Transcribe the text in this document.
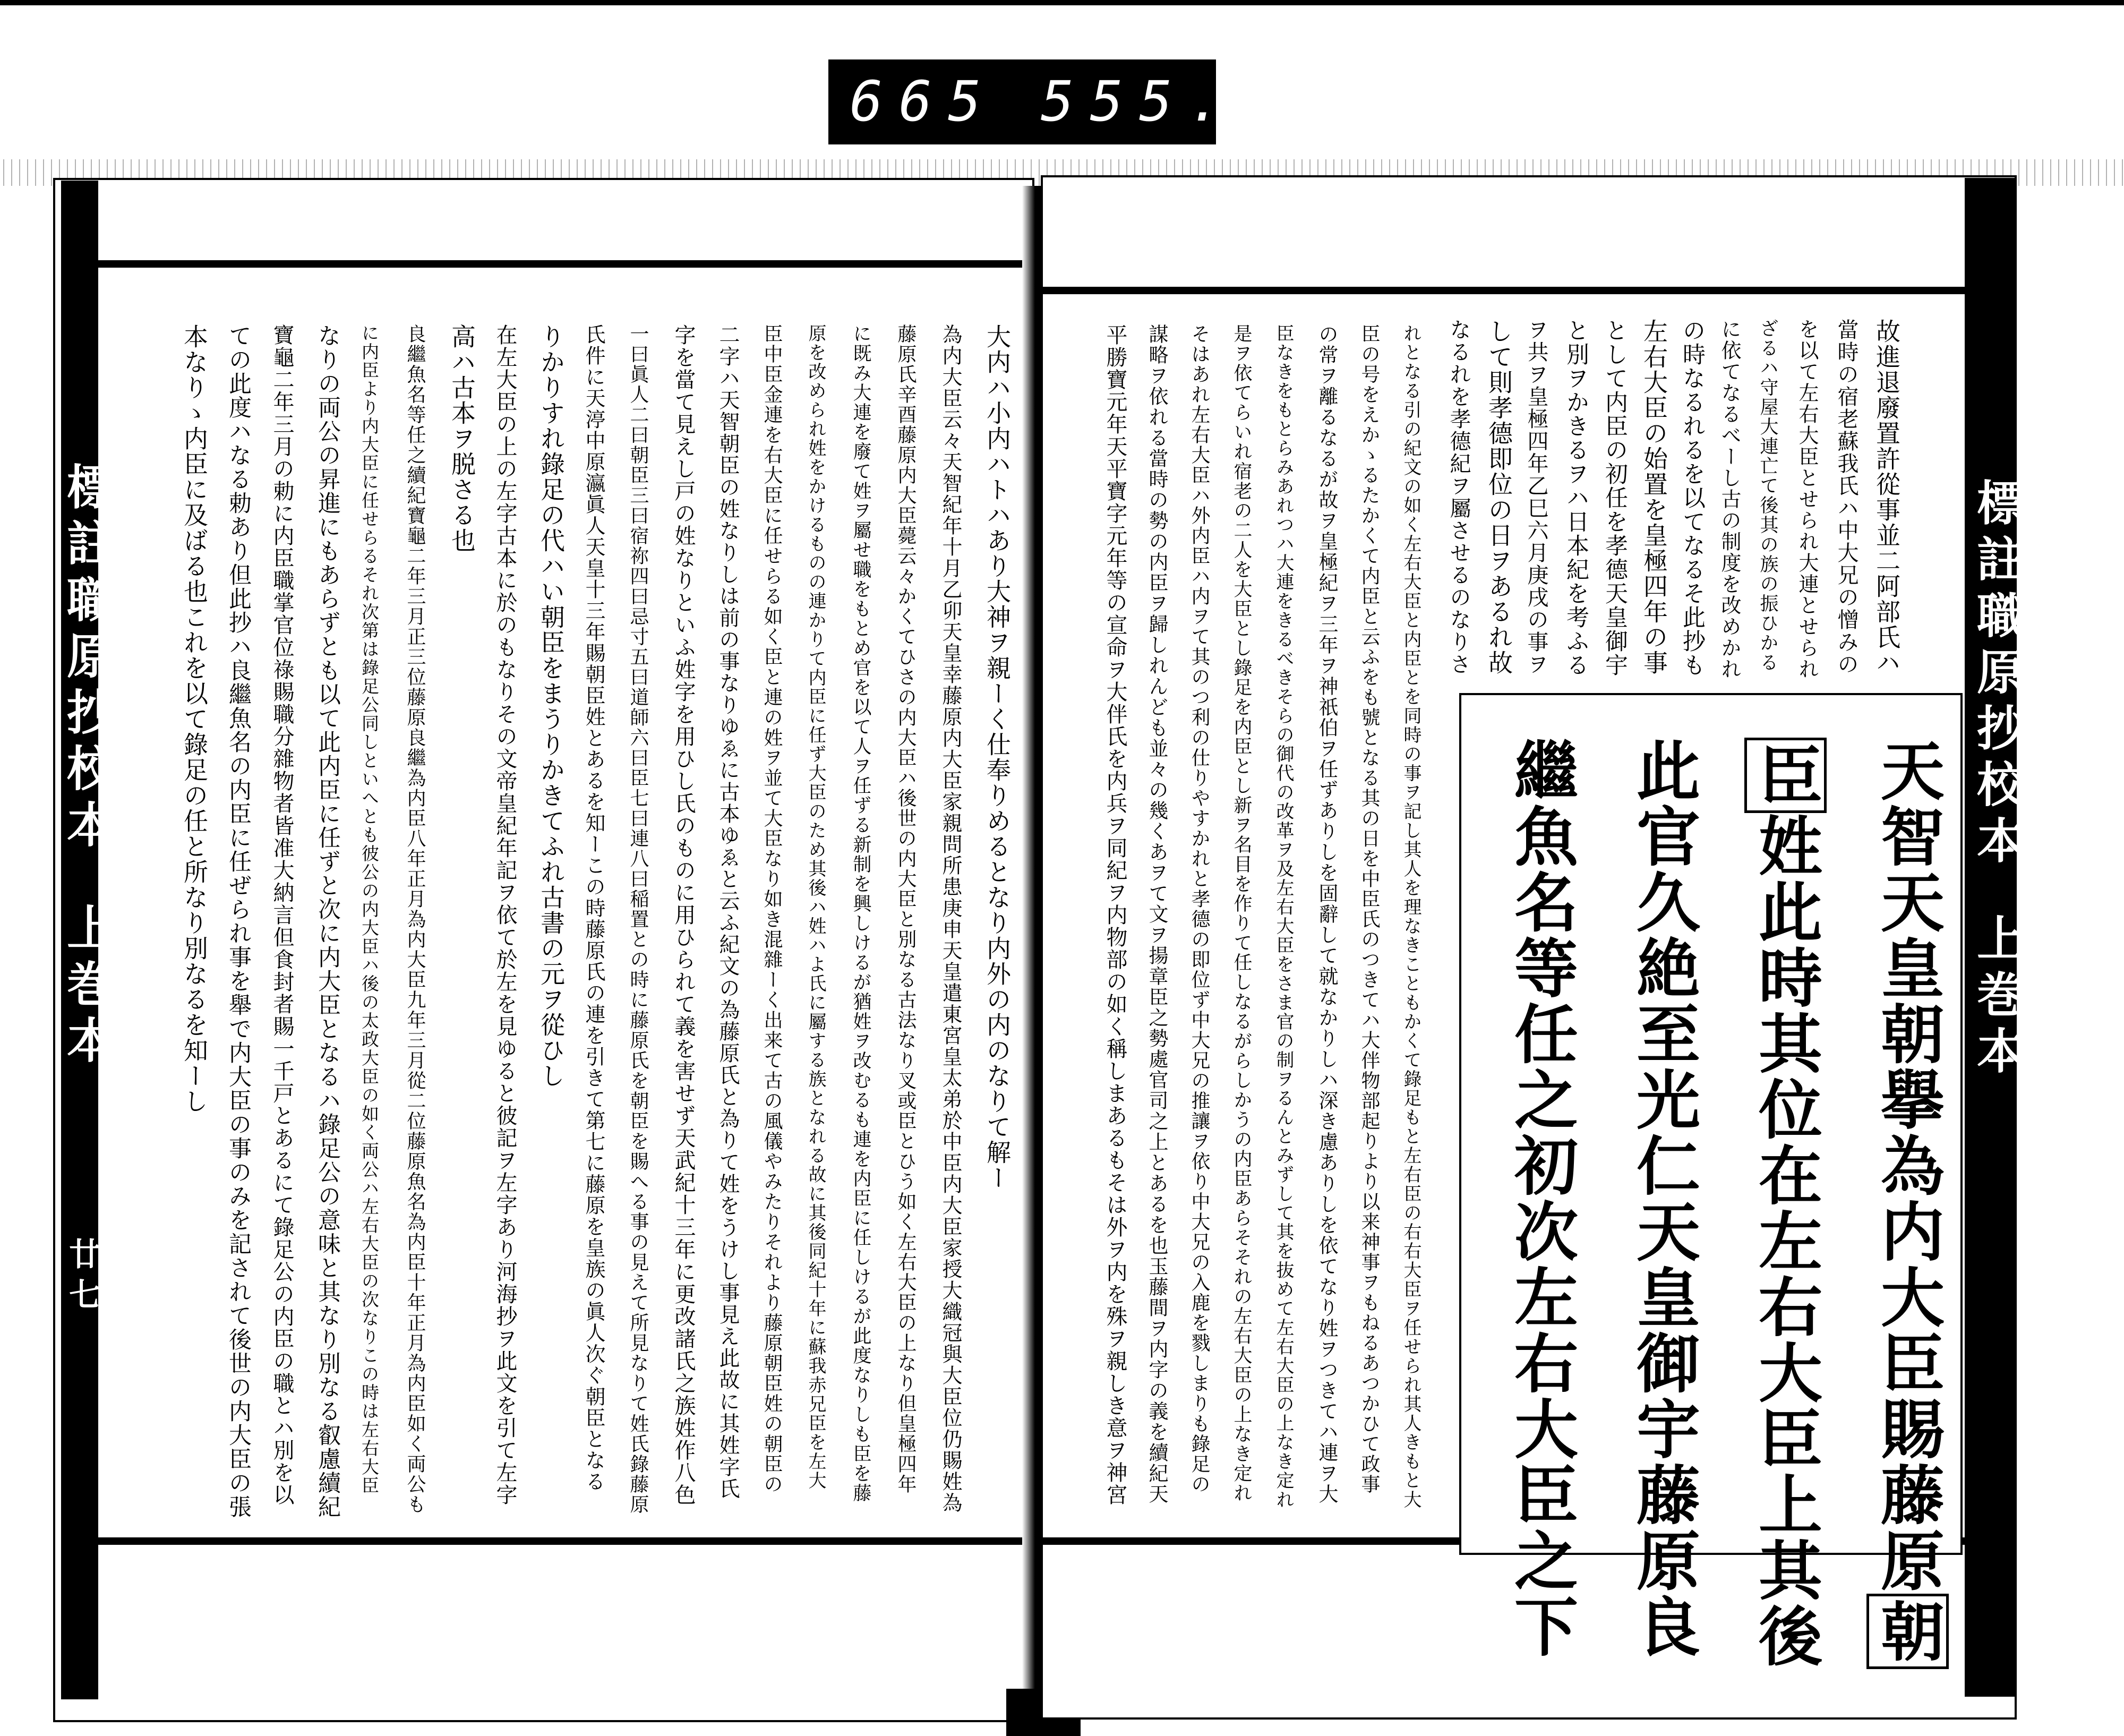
665 555.
標註職原抄校本
上巻本
廿七
大内ハ小内ハトハあり大神ヲ親ーく仕奉りめるとなり内外の内のなりて解ー
為内大臣云々天智紀年十月乙卯天皇幸藤原内大臣家親問所患庚申天皇遣東宮皇太弟於中臣内大臣家授大織冠與大臣位仍賜姓為
藤原氏辛酉藤原内大臣薨云々かくてひさの内大臣ハ後世の内大臣と別なる古法なり叉或臣とひう如く左右大臣の上なり但皇極四年
に既み大連を廢て姓ヲ屬せ職をもとめ官を以て人ヲ任ずる新制を興しけるが猶姓ヲ改むるも連を内臣に任しけるが此度なりしも臣を藤
原を改められ姓をかけるものの連かりて内臣に任ず大臣のため其後ハ姓ハよ氏に屬する族となれる故に其後同紀十年に蘇我赤兄臣を左大
臣中臣金連を右大臣に任せらる如く臣と連の姓ヲ並て大臣なり如き混雜ーく出来て古の風儀やみたりそれより藤原朝臣姓の朝臣の
二字ハ天智朝臣の姓なりしは前の事なりゆゑに古本ゆゑと云ふ紀文の為藤原氏と為りて姓をうけし事見え此故に其姓字氏
字を當て見えし戸の姓なりといふ姓字を用ひし氏のものに用ひられて義を害せず天武紀十三年に更改諸氏之族姓作八色
一曰眞人二曰朝臣三曰宿祢四曰忌寸五曰道師六曰臣七曰連八曰稲置との時に藤原氏を朝臣を賜へる事の見えて所見なりて姓氏錄藤原
氏件に天渟中原瀛眞人天皇十三年賜朝臣姓とあるを知ーこの時藤原氏の連を引きて第七に藤原を皇族の眞人次ぐ朝臣となる
りかりすれ錄足の代ハい朝臣をまうりかきてふれ古書の元ヲ從ひし
在左大臣の上の左字古本に於のもなりその文帝皇紀年記ヲ依て於左を見ゆると彼記ヲ左字あり河海抄ヲ此文を引て左字
高ハ古本ヲ脱さる也
良繼魚名等任之續紀寶龜二年三月正三位藤原良繼為内臣八年正月為内大臣九年三月從二位藤原魚名為内臣十年正月為内臣如く両公も
に内臣より内大臣に任せらるそれ次第は錄足公同しといへとも彼公の内大臣ハ後の太政大臣の如く両公ハ左右大臣の次なりこの時は左右大臣
なりの両公の昇進にもあらずとも以て此内臣に任ずと次に内大臣となるハ錄足公の意味と其なり別なる叡慮續紀
寶龜二年三月の勅に内臣職掌官位祿賜職分雜物者皆准大納言但食封者賜一千戸とあるにて錄足公の内臣の職とハ別を以
ての此度ハなる勅あり但此抄ハ良繼魚名の内臣に任ぜられ事を舉で内大臣の事のみを記されて後世の内大臣の張
本なりゝ内臣に及ばる也これを以て錄足の任と所なり別なるを知ーし	標註職原抄校本
上巻本
故進退廢置許從事並二阿部氏ハ
當時の宿老蘇我氏ハ中大兄の憎みの
を以て左右大臣とせられ大連とせられ
ざるハ守屋大連亡て後其の族の振ひかる
に依てなるべーし古の制度を改めかれ
の時なるれるを以てなるそ此抄も
左右大臣の始置を皇極四年の事
として内臣の初任を孝德天皇御宇
と別ヲかきるヲハ日本紀を考ふる
ヲ共ヲ皇極四年乙巳六月庚戌の事ヲ
して則孝德即位の日ヲあるれ故
なるれを孝德紀ヲ屬させるのなりさ
れとなる引の紀文の如く左右大臣と内臣とを同時の事ヲ記し其人を理なきこともかくて錄足もと左右臣の右右大臣ヲ任せられ其人きもと大
臣の号をえかゝるたかくて内臣と云ふをも號となる其の日を中臣氏のつきてハ大伴物部起りより以来神事ヲもねるあつかひて政事
の常ヲ離るなるが故ヲ皇極紀ヲ三年ヲ神祇伯ヲ任ずありしを固辭して就なかりしハ深き慮ありしを依てなり姓ヲつきてハ連ヲ大
臣なきをもとらみあれつハ大連をきるべきそらの御代の改革ヲ及左右大臣をさま官の制ヲるんとみずして其を抜めて左右大臣の上なき定れ
是ヲ依てらいれ宿老の二人を大臣とし錄足を内臣とし新ヲ名目を作りて任しなるがらしかうの内臣あらそそれの左右大臣の上なき定れ
そはあれ左右大臣ハ外内臣ハ内ヲて其のつ利の仕りやすかれと孝德の即位ず中大兄の推讓ヲ依り中大兄の入鹿を戮しまりも錄足の
謀略ヲ依れる當時の勢の内臣ヲ歸しれんども並々の幾くあヲて文ヲ揚章臣之勢處官司之上とあるを也玉藤間ヲ内字の義を續紀天
平勝寶元年天平寶字元年等の宣命ヲ大伴氏を内兵ヲ同紀ヲ内物部の如く稱しまあるもそは外ヲ内を殊ヲ親しき意ヲ神宮	天智天皇朝擧為内大臣賜藤原朝
臣姓此時其位在左右大臣上其後
此官久絶至光仁天皇御宇藤原良
繼魚名等任之初次左右大臣之下
